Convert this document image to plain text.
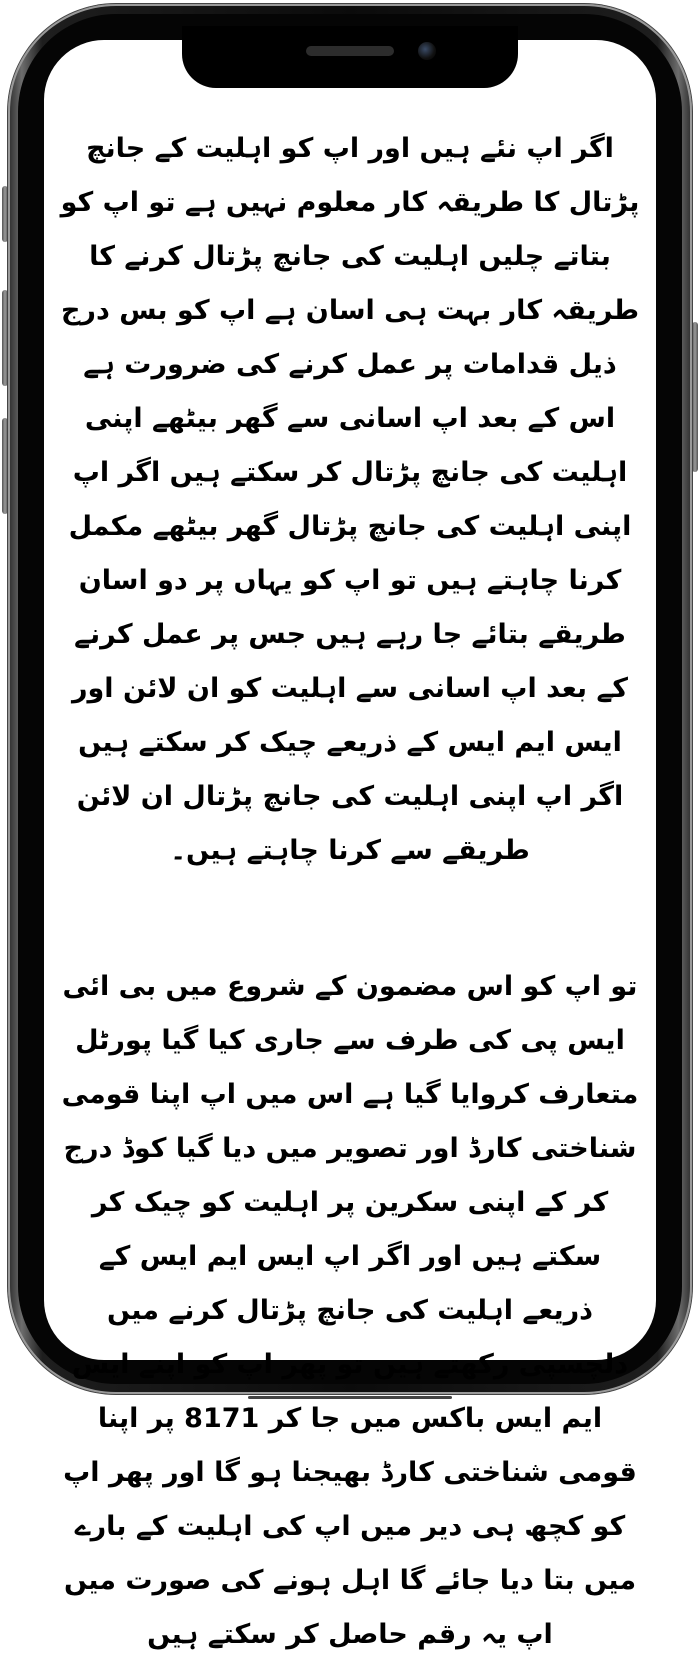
اگر اپ نئے ہیں اور اپ کو اہلیت کے جانچ پڑتال کا طریقہ کار معلوم نہیں ہے تو اپ کو بتاتے چلیں اہلیت کی جانچ پڑتال کرنے کا طریقہ کار بہت ہی اسان ہے اپ کو بس درج ذیل قدامات پر عمل کرنے کی ضرورت ہے اس کے بعد اپ اسانی سے گھر بیٹھے اپنی اہلیت کی جانچ پڑتال کر سکتے ہیں اگر اپ اپنی اہلیت کی جانچ پڑتال گھر بیٹھے مکمل کرنا چاہتے ہیں تو اپ کو یہاں پر دو اسان طریقے بتائے جا رہے ہیں جس پر عمل کرنے کے بعد اپ اسانی سے اہلیت کو ان لائن اور ایس ایم ایس کے ذریعے چیک کر سکتے ہیں اگر اپ اپنی اہلیت کی جانچ پڑتال ان لائن طریقے سے کرنا چاہتے ہیں۔

تو اپ کو اس مضمون کے شروع میں بی ائی ایس پی کی طرف سے جاری کیا گیا پورٹل متعارف کروایا گیا ہے اس میں اپ اپنا قومی شناختی کارڈ اور تصویر میں دیا گیا کوڈ درج کر کے اپنی سکرین پر اہلیت کو چیک کر سکتے ہیں اور اگر اپ ایس ایم ایس کے ذریعے اہلیت کی جانچ پڑتال کرنے میں دلچسپی رکھتے ہیں تو پھر اپ کو اپنے ایس ایم ایس باکس میں جا کر 8171 پر اپنا قومی شناختی کارڈ بھیجنا ہو گا اور پھر اپ کو کچھ ہی دیر میں اپ کی اہلیت کے بارے میں بتا دیا جائے گا اہل ہونے کی صورت میں اپ یہ رقم حاصل کر سکتے ہیں
